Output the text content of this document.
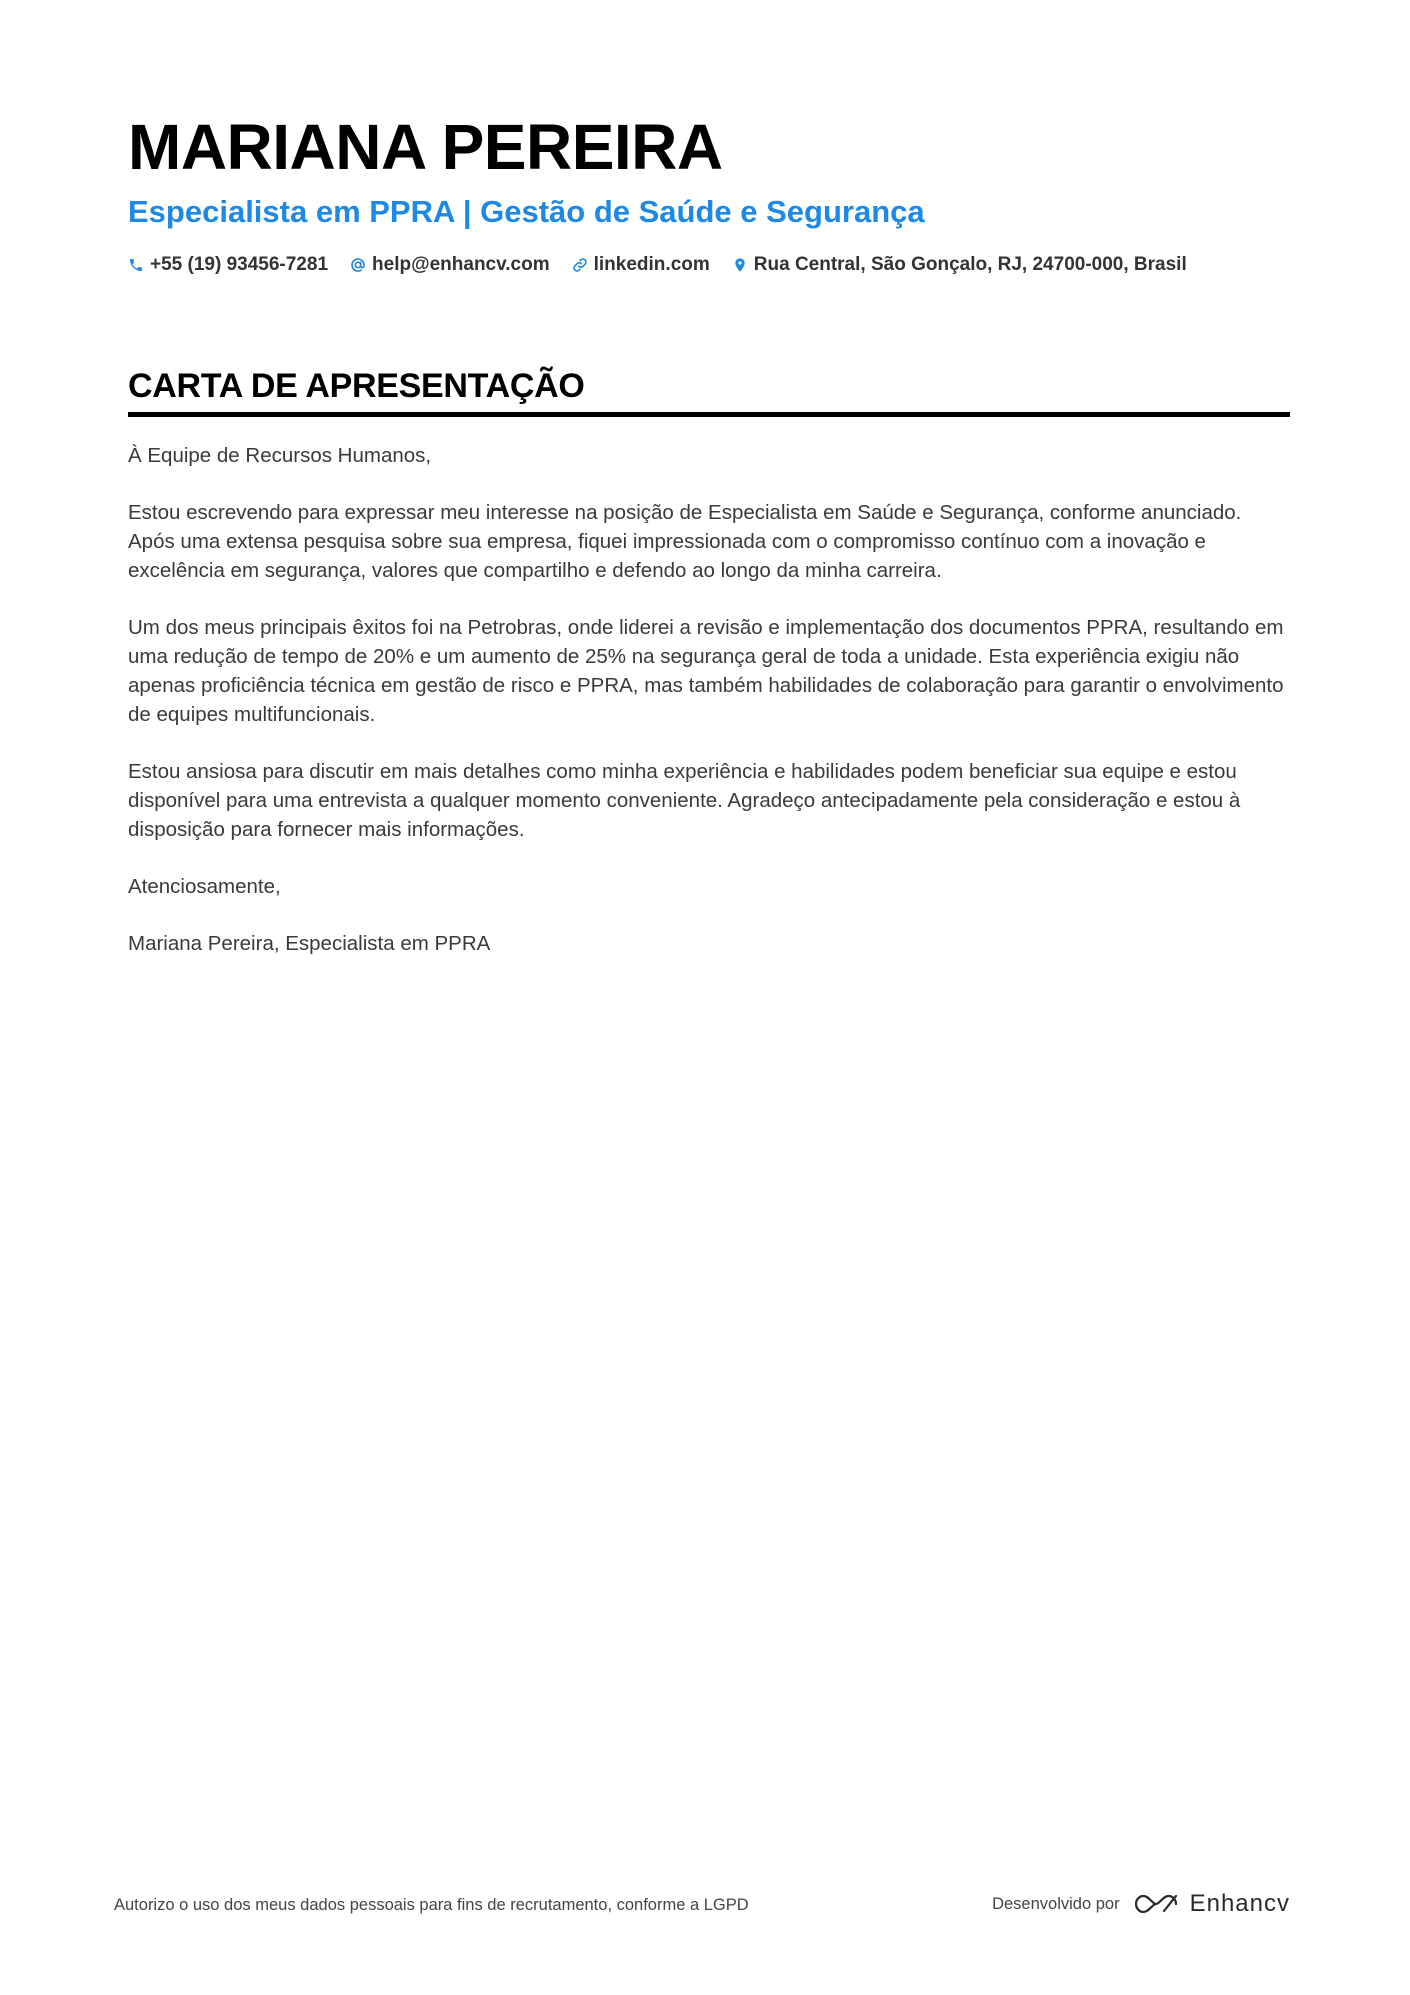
MARIANA PEREIRA
Especialista em PPRA | Gestão de Saúde e Segurança
+55 (19) 93456-7281 help@enhancv.com linkedin.com Rua Central, São Gonçalo, RJ, 24700-000, Brasil
CARTA DE APRESENTAÇÃO

À Equipe de Recursos Humanos,

Estou escrevendo para expressar meu interesse na posição de Especialista em Saúde e Segurança, conforme anunciado. Após uma extensa pesquisa sobre sua empresa, fiquei impressionada com o compromisso contínuo com a inovação e excelência em segurança, valores que compartilho e defendo ao longo da minha carreira.

Um dos meus principais êxitos foi na Petrobras, onde liderei a revisão e implementação dos documentos PPRA, resultando em uma redução de tempo de 20% e um aumento de 25% na segurança geral de toda a unidade. Esta experiência exigiu não apenas proficiência técnica em gestão de risco e PPRA, mas também habilidades de colaboração para garantir o envolvimento de equipes multifuncionais.

Estou ansiosa para discutir em mais detalhes como minha experiência e habilidades podem beneficiar sua equipe e estou disponível para uma entrevista a qualquer momento conveniente. Agradeço antecipadamente pela consideração e estou à disposição para fornecer mais informações.

Atenciosamente,

Mariana Pereira, Especialista em PPRA

Autorizo o uso dos meus dados pessoais para fins de recrutamento, conforme a LGPD	Desenvolvido por	Enhancv
